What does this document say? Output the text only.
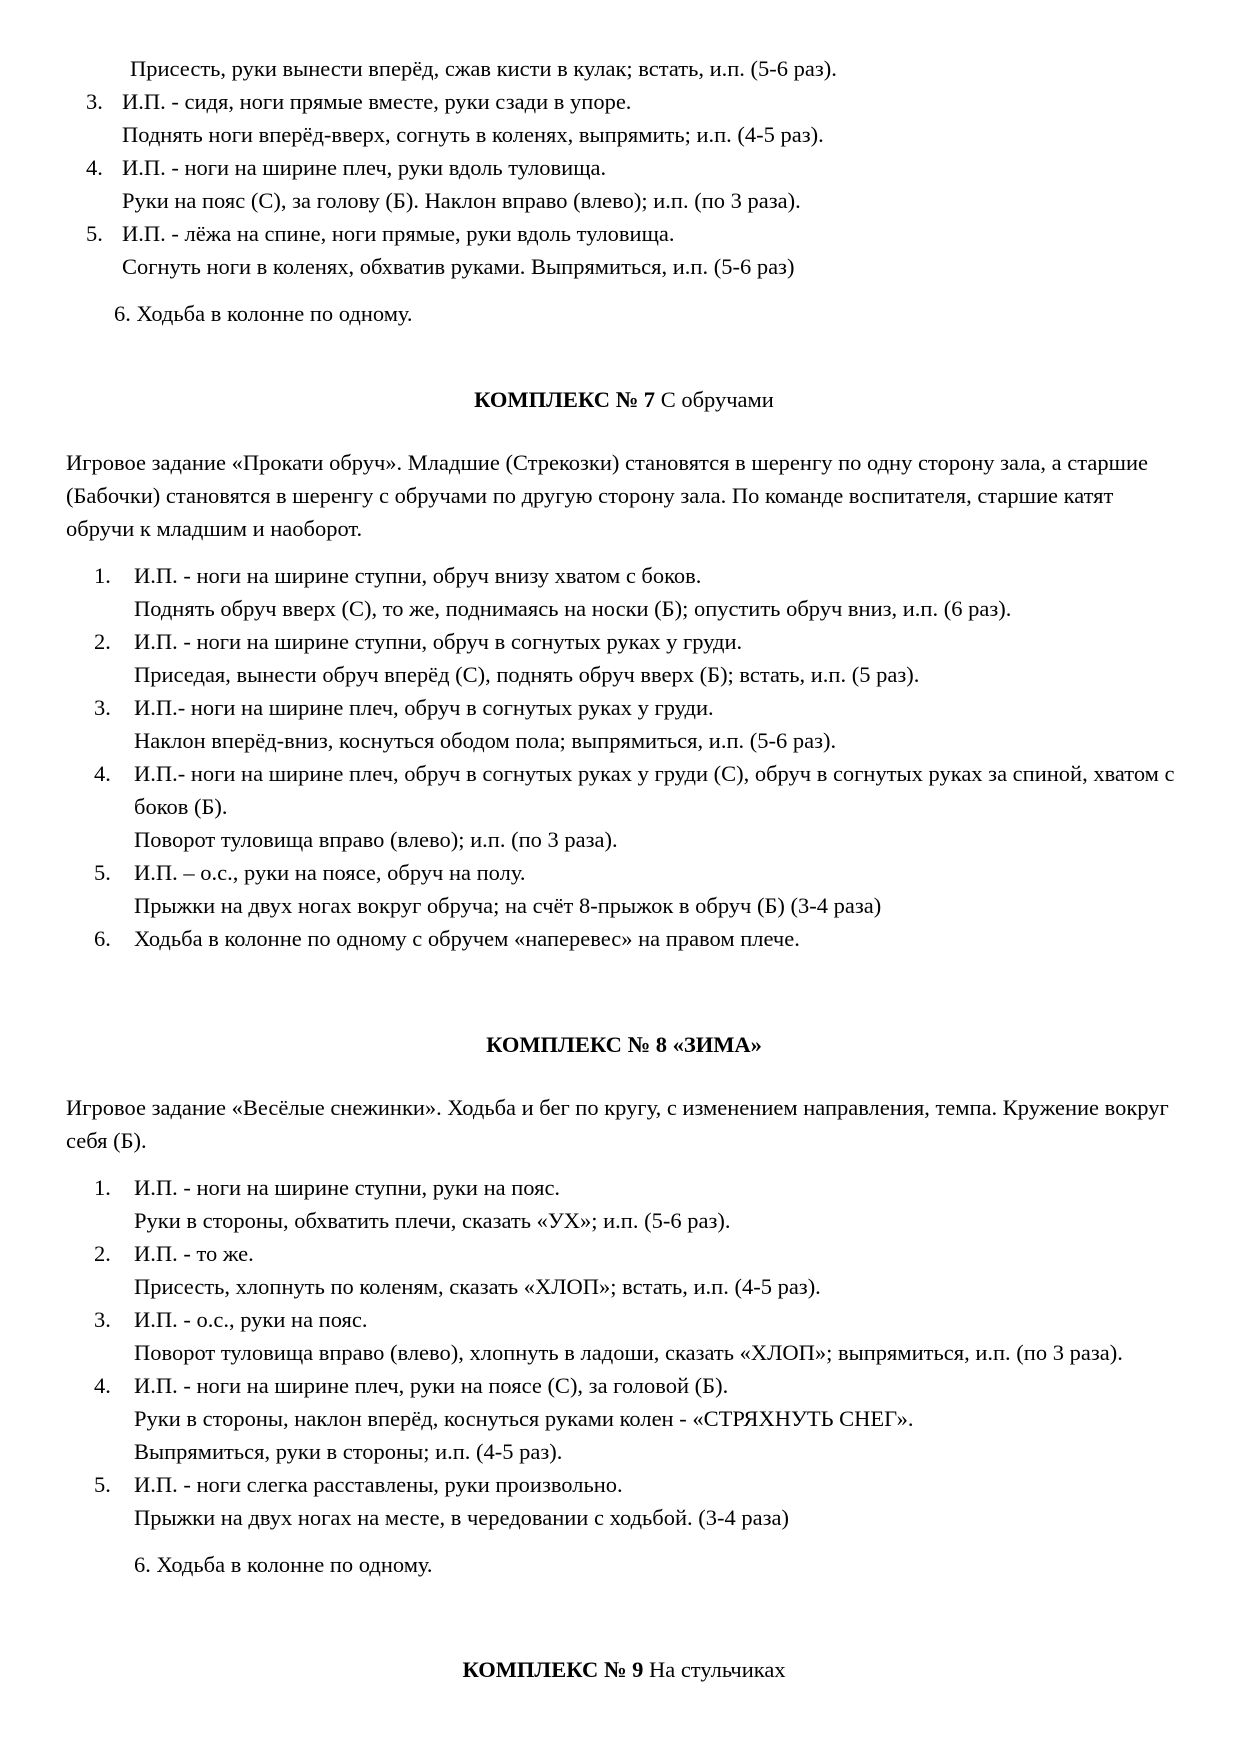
Присесть, руки вынести вперёд, сжав кисти в кулак; встать, и.п. (5-6 раз).
3. И.П. - сидя, ноги прямые вместе, руки сзади в упоре.
Поднять ноги вперёд-вверх, согнуть в коленях, выпрямить; и.п. (4-5 раз).
4. И.П. - ноги на ширине плеч, руки вдоль туловища.
Руки на пояс (С), за голову (Б). Наклон вправо (влево); и.п. (по 3 раза).
5. И.П. - лёжа на спине, ноги прямые, руки вдоль туловища.
Согнуть ноги в коленях, обхватив руками. Выпрямиться, и.п. (5-6 раз)
6. Ходьба в колонне по одному.
КОМПЛЕКС № 7 С обручами
Игровое задание «Прокати обруч». Младшие (Стрекозки) становятся в шеренгу по одну сторону зала, а старшие (Бабочки) становятся в шеренгу с обручами по другую сторону зала. По команде воспитателя, старшие катят обручи к младшим и наоборот.
1.	И.П. - ноги на ширине ступни, обруч внизу хватом с боков.
Поднять обруч вверх (С), то же, поднимаясь на носки (Б); опустить обруч вниз, и.п. (6 раз).
2.	И.П. - ноги на ширине ступни, обруч в согнутых руках у груди.
Приседая, вынести обруч вперёд (С), поднять обруч вверх (Б); встать, и.п. (5 раз).
3.	И.П.- ноги на ширине плеч, обруч в согнутых руках у груди.
Наклон вперёд-вниз, коснуться ободом пола; выпрямиться, и.п. (5-6 раз).
4.	И.П.- ноги на ширине плеч, обруч в согнутых руках у груди (С), обруч в согнутых руках за спиной, хватом с боков (Б).
Поворот туловища вправо (влево); и.п. (по 3 раза).
5.	И.П. – о.с., руки на поясе, обруч на полу.
Прыжки на двух ногах вокруг обруча; на счёт 8-прыжок в обруч (Б) (3-4 раза)
6.	Ходьба в колонне по одному с обручем «наперевес» на правом плече.
КОМПЛЕКС № 8 «ЗИМА»
Игровое задание «Весёлые снежинки». Ходьба и бег по кругу, с изменением направления, темпа. Кружение вокруг себя (Б).
1.	И.П. - ноги на ширине ступни, руки на пояс.
Руки в стороны, обхватить плечи, сказать «УХ»; и.п. (5-6 раз).
2.	И.П. - то же.
Присесть, хлопнуть по коленям, сказать «ХЛОП»; встать, и.п. (4-5 раз).
3.	И.П. - о.с., руки на пояс.
Поворот туловища вправо (влево), хлопнуть в ладоши, сказать «ХЛОП»; выпрямиться, и.п. (по 3 раза).
4.	И.П. - ноги на ширине плеч, руки на поясе (С), за головой (Б).
Руки в стороны, наклон вперёд, коснуться руками колен - «СТРЯХНУТЬ СНЕГ».
Выпрямиться, руки в стороны; и.п. (4-5 раз).
5.	И.П. - ноги слегка расставлены, руки произвольно.
Прыжки на двух ногах на месте, в чередовании с ходьбой. (3-4 раза)
6. Ходьба в колонне по одному.
КОМПЛЕКС № 9 На стульчиках
